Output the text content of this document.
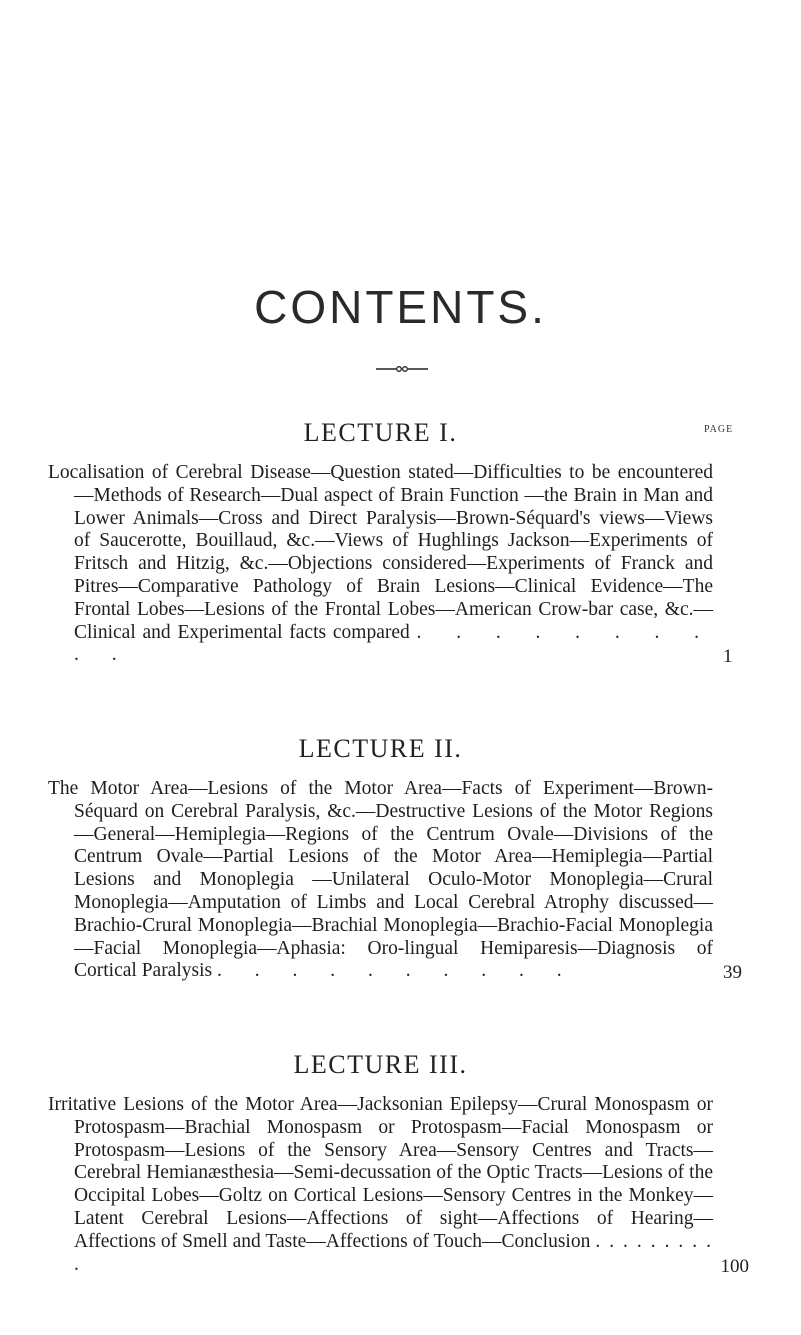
CONTENTS.
PAGE
LECTURE I.
Localisation of Cerebral Disease—Question stated—Difficulties to be encountered—Methods of Research—Dual aspect of Brain Function —the Brain in Man and Lower Animals—Cross and Direct Paralysis—Brown-Séquard's views—Views of Saucerotte, Bouillaud, &c.—Views of Hughlings Jackson—Experiments of Fritsch and Hitzig, &c.—Objections considered—Experiments of Franck and Pitres—Comparative Pathology of Brain Lesions—Clinical Evidence—The Frontal Lobes—Lesions of the Frontal Lobes—American Crow-bar case, &c.—Clinical and Experimental facts compared . . . . . . . . . .	1
LECTURE II.
The Motor Area—Lesions of the Motor Area—Facts of Experiment—Brown-Séquard on Cerebral Paralysis, &c.—Destructive Lesions of the Motor Regions—General—Hemiplegia—Regions of the Centrum Ovale—Divisions of the Centrum Ovale—Partial Lesions of the Motor Area—Hemiplegia—Partial Lesions and Monoplegia —Unilateral Oculo-Motor Monoplegia—Crural Monoplegia—Amputation of Limbs and Local Cerebral Atrophy discussed—Brachio-Crural Monoplegia—Brachial Monoplegia—Brachio-Facial Monoplegia—Facial Monoplegia—Aphasia: Oro-lingual Hemiparesis—Diagnosis of Cortical Paralysis . . . . . . . . . .	39
LECTURE III.
Irritative Lesions of the Motor Area—Jacksonian Epilepsy—Crural Monospasm or Protospasm—Brachial Monospasm or Protospasm—Facial Monospasm or Protospasm—Lesions of the Sensory Area—Sensory Centres and Tracts—Cerebral Hemianæsthesia—Semi-decussation of the Optic Tracts—Lesions of the Occipital Lobes—Goltz on Cortical Lesions—Sensory Centres in the Monkey—Latent Cerebral Lesions—Affections of sight—Affections of Hearing—Affections of Smell and Taste—Affections of Touch—Conclusion . . . . . . . . . .	100
